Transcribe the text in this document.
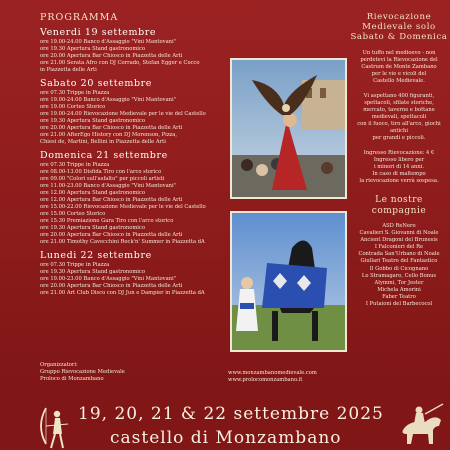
PROGRAMMA
Venerdi 19 settembre
ore 19.00-24.00 Banco d'Assaggio "Vini Mantovani"
ore 19.30 Apertura Stand gastronomico
ore 20.00 Apertura Bar Chiosco in Piazzetta delle Arti
ore 21.00 Serata Afro con DJ Corrado, Stefan Egger e Cocco
in Piazzetta delle Arti
Sabato 20 settembre
ore 07.30 Trippe in Piazza
ore 19.00-24.00 Banco d'Assaggio "Vini Mantovani"
ore 19.00 Corteo Storico
ore 19.00-24.00 Rievocazione Medievale per le vie del Castello
ore 19.30 Apertura Stand gastronomico
ore 20.00 Apertura Bar Chiosco in Piazzetta delle Arti
ore 21.00 AfterEgo History con DJ Morenson, Pizza,
Chiesi de, Martini, Bellini in Piazzetta delle Arti
Domenica 21 settembre
ore 07.30 Trippe in Piazza
ore 08.00-13.00 Disfida Tiro con l'arco storico
ore 09.00 "Colori sull'asfalto" per piccoli artisti
ore 11.00-23.00 Banco d'Assaggio "Vini Mantovani"
ore 12.00 Apertura Stand gastronomico
ore 12.00 Apertura Bar Chiosco in Piazzetta delle Arti
ore 15.00-22.00 Rievocazione Medievale per le vie del Castello
ore 15.00 Corteo Storico
ore 15.30 Premiazione Gara Tiro con l'arco storico
ore 19.30 Apertura Stand gastronomico
ore 20.00 Apertura Bar Chiosco in Piazzetta delle Arti
ore 21.00 Timothy Cavecchini Rock'n' Summer in Piazzetta dA
Lunedi 22 settembre
ore 07.30 Trippe in Piazza
ore 19.30 Apertura Stand gastronomico
ore 19.00-23.00 Banco d'Assaggio "Vini Mantovani"
ore 20.00 Apertura Bar Chiosco in Piazzetta delle Arti
ore 21.00 Art Club Disco con DJ Jun e Dampier in Piazzetta dA
Organizzatori:
Gruppo Rievocazione Medievale
Proloco di Monzambano
www.monzambanomedievale.com
www.prolocomonzambano.it
Rievocazione
Medievale solo
Sabato & Domenica
Un tuffo nel medioevo - non
perdetevi la Rievocazione del
Castrum de Monte Zambano
per le vie e vicoli del
Castello Medievale.
Vi aspettano 400 figuranti,
spettacoli, sfilate storiche,
mercato, taverne e bottane
medievali, spettacoli
con il fuoco, tiro all'arco, giochi antichi
per grandi e piccoli.
Ingresso Rievocazione: 4 €
Ingresso libero per
i minori di 14 anni.
In caso di maltempo
la rievocazione verrà sospesa.
Le nostre
compagnie
ASD ReNero
Cavalieri S. Giovanni di Noale
Ancient Dragoni del Brunesis
I Falconieri del Re
Contrada San'Urbano di Noale
Giullari Teatro del Fantastico
Il Gobbo di Cicognano
Lo Stramagaro, Cello Bonus
Alymmi, Tor Jester
Michela Amorini
Faber Teatro
I Putaioni del Barbecocol
19, 20, 21 & 22 settembre 2025
castello di Monzambano
